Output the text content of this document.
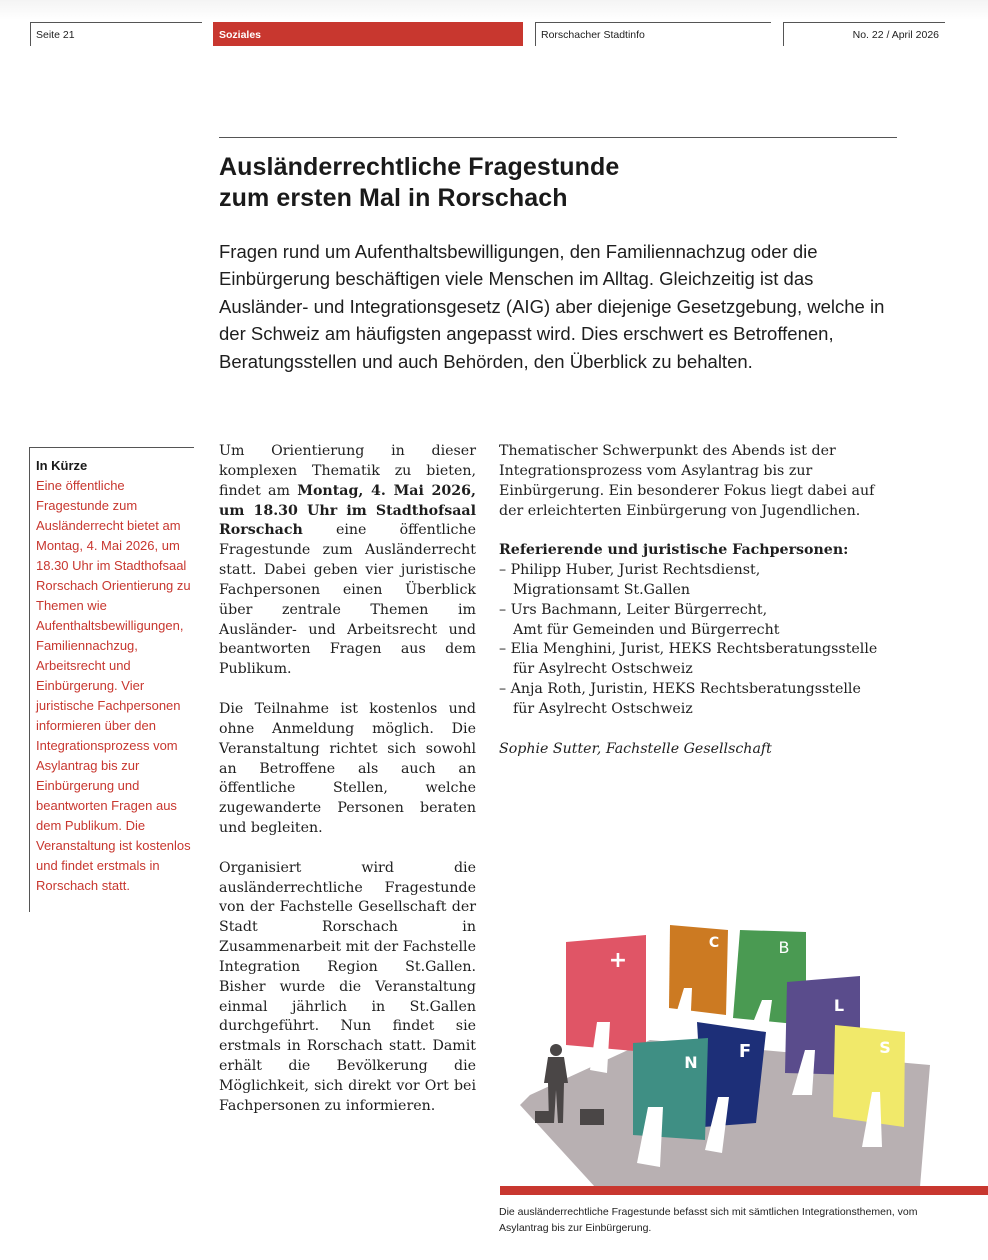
Seite 21	Soziales	Rorschacher Stadtinfo	No. 22 / April 2026
Ausländerrechtliche Fragestunde
zum ersten Mal in Rorschach

Fragen rund um Aufenthaltsbewilligungen, den Familiennachzug oder die Einbürgerung beschäftigen viele Menschen im Alltag. Gleichzeitig ist das Ausländer- und Integrationsgesetz (AIG) aber diejenige Gesetzgebung, welche in der Schweiz am häufigsten angepasst wird. Dies erschwert es Betroffenen, Beratungsstellen und auch Behörden, den Überblick zu behalten.

In Kürze
Eine öffentliche Fragestunde zum Ausländerrecht bietet am Montag, 4. Mai 2026, um 18.30 Uhr im Stadthofsaal Rorschach Orientierung zu Themen wie Aufenthaltsbewilligungen, Familiennachzug, Arbeitsrecht und Einbürgerung. Vier juristische Fachpersonen informieren über den Integrationsprozess vom Asylantrag bis zur Einbürgerung und beantworten Fragen aus dem Publikum. Die Veranstaltung ist kostenlos und findet erstmals in Rorschach statt.

Um Orientierung in dieser komplexen Thematik zu bieten, findet am Montag, 4. Mai 2026, um 18.30 Uhr im Stadthofsaal Rorschach eine öffentliche Fragestunde zum Ausländerrecht statt. Dabei geben vier juristische Fachpersonen einen Überblick über zentrale Themen im Ausländer- und Arbeitsrecht und beantworten Fragen aus dem Publikum.

Die Teilnahme ist kostenlos und ohne Anmeldung möglich. Die Veranstaltung richtet sich sowohl an Betroffene als auch an öffentliche Stellen, welche zugewanderte Personen beraten und begleiten.

Organisiert wird die ausländerrechtliche Fragestunde von der Fachstelle Gesellschaft der Stadt Rorschach in Zusammenarbeit mit der Fachstelle Integration Region St.Gallen. Bisher wurde die Veranstaltung einmal jährlich in St.Gallen durchgeführt. Nun findet sie erstmals in Rorschach statt. Damit erhält die Bevölkerung die Möglichkeit, sich direkt vor Ort bei Fachpersonen zu informieren.

Thematischer Schwerpunkt des Abends ist der Integrationsprozess vom Asylantrag bis zur Einbürgerung. Ein besonderer Fokus liegt dabei auf der erleichterten Einbürgerung von Jugendlichen.

Referierende und juristische Fachpersonen:
– Philipp Huber, Jurist Rechtsdienst,
Migrationsamt St.Gallen
– Urs Bachmann, Leiter Bürgerrecht,
Amt für Gemeinden und Bürgerrecht
– Elia Menghini, Jurist, HEKS Rechtsberatungsstelle
für Asylrecht Ostschweiz
– Anja Roth, Juristin, HEKS Rechtsberatungsstelle
für Asylrecht Ostschweiz

Sophie Sutter, Fachstelle Gesellschaft

+
C	B
L
S
F
N
Die ausländerrechtliche Fragestunde befasst sich mit sämtlichen Integrationsthemen, vom Asylantrag bis zur Einbürgerung.
